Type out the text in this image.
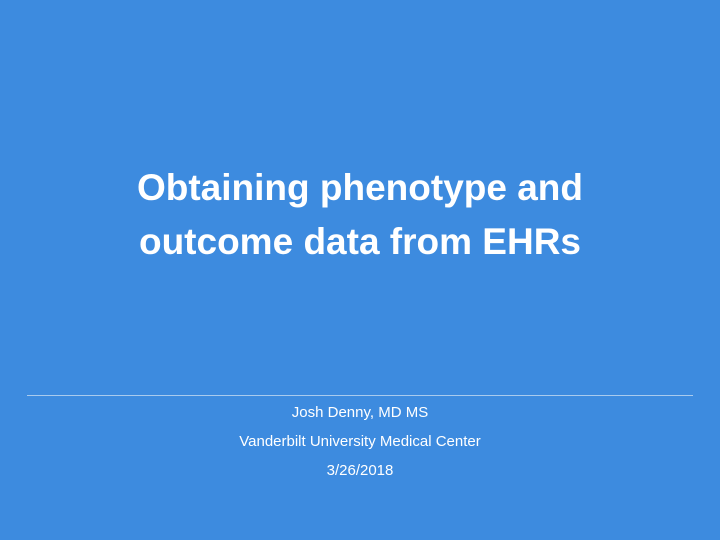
Obtaining phenotype and
outcome data from EHRs
Josh Denny, MD MS
Vanderbilt University Medical Center
3/26/2018
